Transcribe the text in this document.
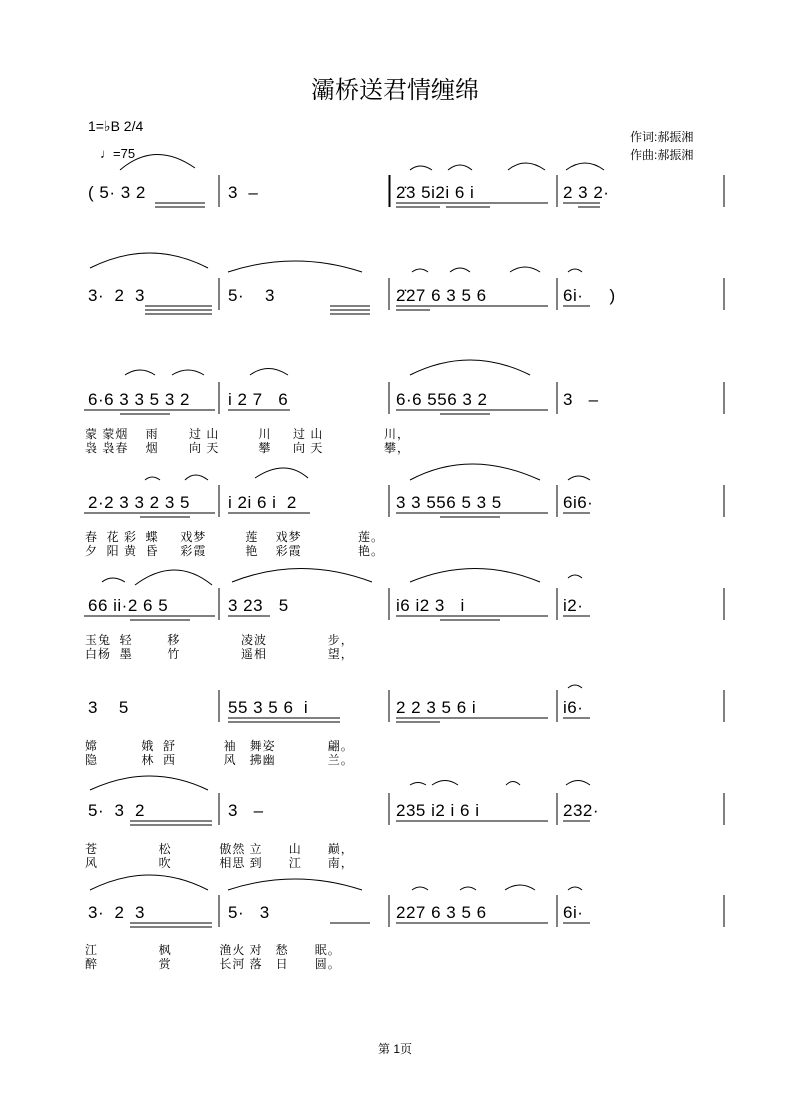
灞桥送君情缠绵
1=♭B 2/4
♩=75
作词:郝振湘
作曲:郝振湘
( 5· 3 2	3  –	2̇3 5i2i 6 i	2 3 2·
3·  2  3	5·    3	2̇27 6 3 5 6	6i·     )
6·6 3 3 5 3 2 i 2 7   6	6·6 556 3 2	3   –
蒙 蒙烟    雨       过 山         川     过 山              川，
袅 袅春    烟       向 天         攀     向 天              攀，
2·2 3 3 2 3 5 i 2i 6 i  2	3 3 556 5 3 5	6i6·
春  花 彩  蝶     戏梦         莲    戏梦             莲。
夕  阳 黄  昏     彩霞         艳    彩霞             艳。
66 ii·2 6 5	3 23   5	i6 i2 3   i	i2·
玉兔  轻        移              凌波              步，
白杨  墨        竹              遥相              望，
3    5	55 3 5 6  i	2 2 3 5 6 i	i6·
嫦          娥  舒           袖   舞姿            翩。
隐          林  西           风   拂幽            兰。
5·  3  2	3   –	235 i2 i 6 i	232·
苍              松           傲然 立      山      巅，
风              吹           相思 到      江      南，
3·  2  3	5·   3	227 6 3 5 6	6i·
江              枫           渔火 对   愁      眠。
醉              赏           长河 落   日      圆。
第 1页
